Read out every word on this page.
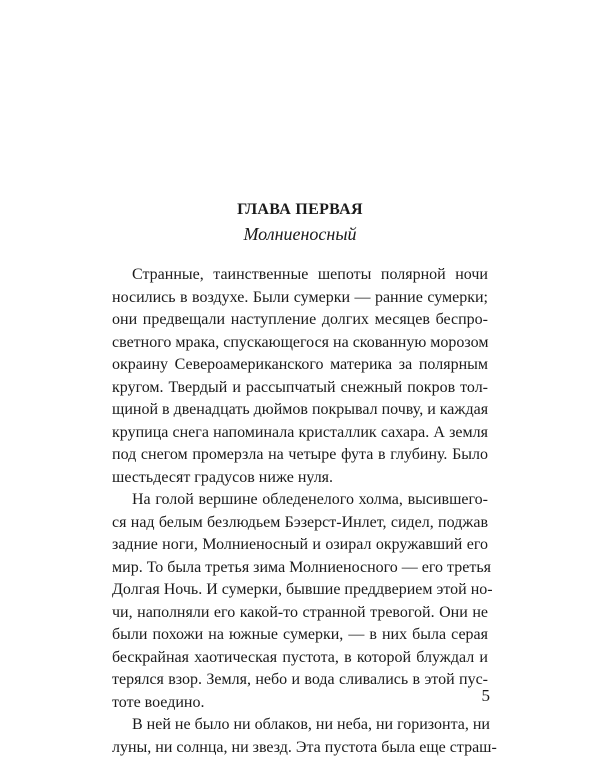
ГЛАВА ПЕРВАЯ
Молниеносный
Странные, таинственные шепоты полярной ночи
носились в воздухе. Были сумерки — ранние сумерки;
они предвещали наступление долгих месяцев беспро-
светного мрака, спускающегося на скованную морозом
окраину Североамериканского материка за полярным
кругом. Твердый и рассыпчатый снежный покров тол-
щиной в двенадцать дюймов покрывал почву, и каждая
крупица снега напоминала кристаллик сахара. А земля
под снегом промерзла на четыре фута в глубину. Было
шестьдесят градусов ниже нуля.
На голой вершине обледенелого холма, высившего-
ся над белым безлюдьем Бэзерст-Инлет, сидел, поджав
задние ноги, Молниеносный и озирал окружавший его
мир. То была третья зима Молниеносного — его третья
Долгая Ночь. И сумерки, бывшие преддверием этой но-
чи, наполняли его какой-то странной тревогой. Они не
были похожи на южные сумерки, — в них была серая
бескрайная хаотическая пустота, в которой блуждал и
терялся взор. Земля, небо и вода сливались в этой пус-
тоте воедино.
В ней не было ни облаков, ни неба, ни горизонта, ни
луны, ни солнца, ни звезд. Эта пустота была еще страш-
5
